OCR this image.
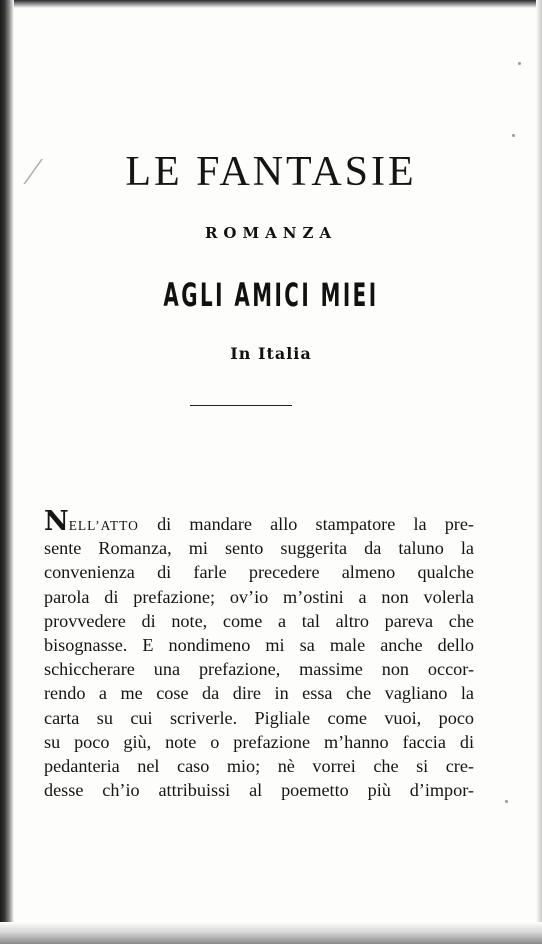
⁄	LE FANTASIE
ROMANZA
AGLI AMICI MIEI
In Italia
NELL’ATTO di mandare allo stampatore la pre-
sente Romanza, mi sento suggerita da taluno la
convenienza di farle precedere almeno qualche
parola di prefazione; ov’io m’ostini a non volerla
provvedere di note, come a tal altro pareva che
bisognasse. E nondimeno mi sa male anche dello
schiccherare una prefazione, massime non occor-
rendo a me cose da dire in essa che vagliano la
carta su cui scriverle. Pigliale come vuoi, poco
su poco giù, note o prefazione m’hanno faccia di
pedanteria nel caso mio; nè vorrei che si cre-
desse ch’io attribuissi al poemetto più d’impor-
